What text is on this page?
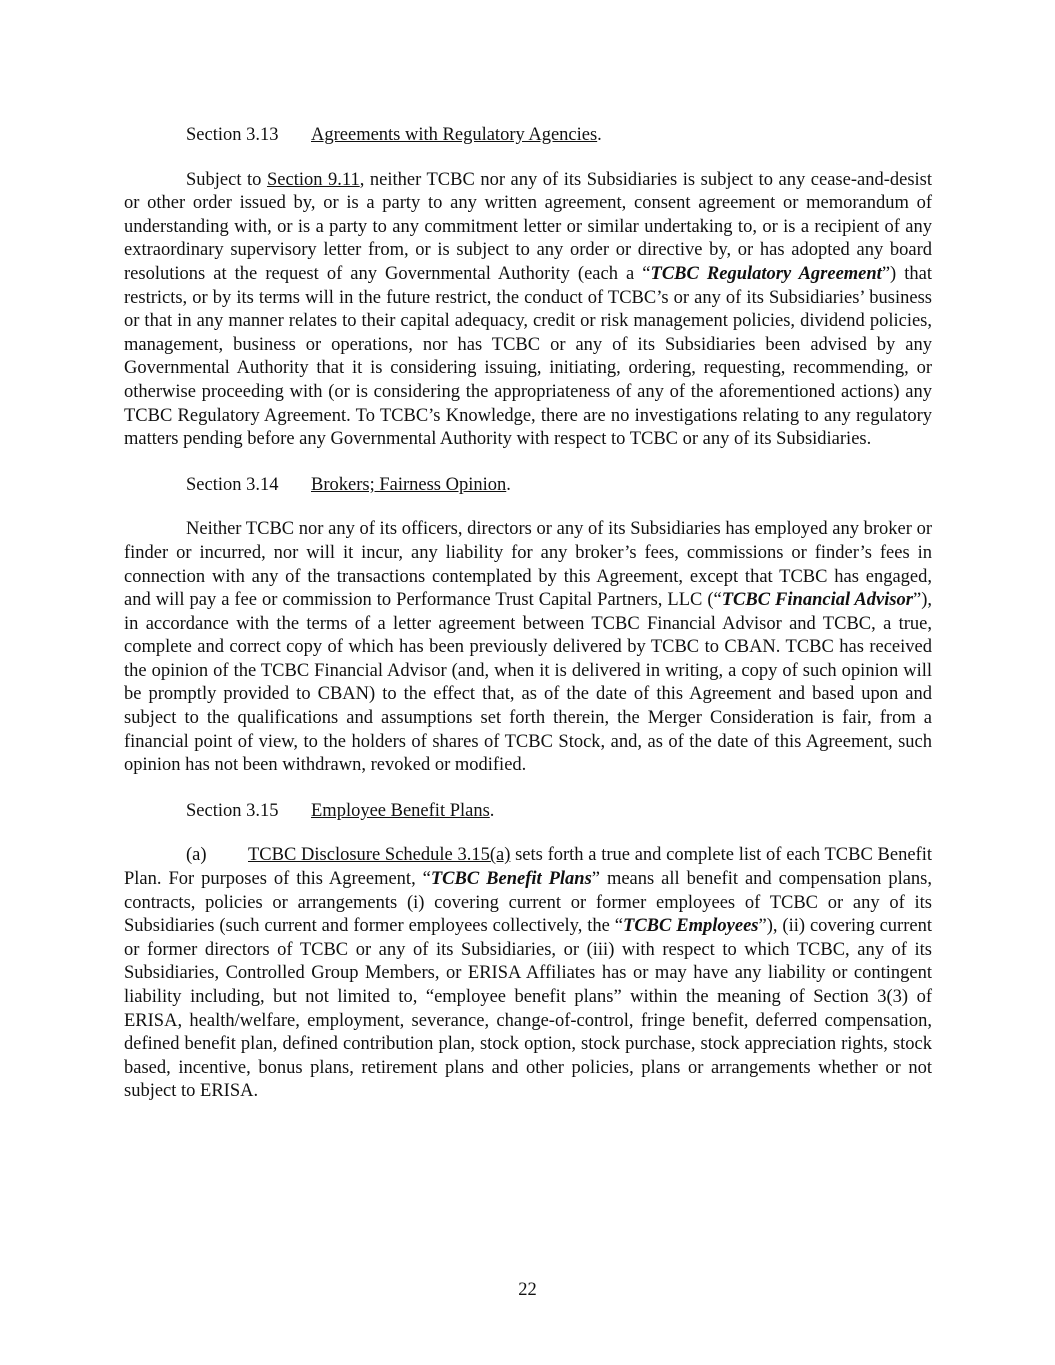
Section 3.13 Agreements with Regulatory Agencies.

Subject to Section 9.11, neither TCBC nor any of its Subsidiaries is subject to any cease-and-desist or other order issued by, or is a party to any written agreement, consent agreement or memorandum of understanding with, or is a party to any commitment letter or similar undertaking to, or is a recipient of any extraordinary supervisory letter from, or is subject to any order or directive by, or has adopted any board resolutions at the request of any Governmental Authority (each a “TCBC Regulatory Agreement”) that restricts, or by its terms will in the future restrict, the conduct of TCBC’s or any of its Subsidiaries’ business or that in any manner relates to their capital adequacy, credit or risk management policies, dividend policies, management, business or operations, nor has TCBC or any of its Subsidiaries been advised by any Governmental Authority that it is considering issuing, initiating, ordering, requesting, recommending, or otherwise proceeding with (or is considering the appropriateness of any of the aforementioned actions) any TCBC Regulatory Agreement. To TCBC’s Knowledge, there are no investigations relating to any regulatory matters pending before any Governmental Authority with respect to TCBC or any of its Subsidiaries.

Section 3.14 Brokers; Fairness Opinion.

Neither TCBC nor any of its officers, directors or any of its Subsidiaries has employed any broker or finder or incurred, nor will it incur, any liability for any broker’s fees, commissions or finder’s fees in connection with any of the transactions contemplated by this Agreement, except that TCBC has engaged, and will pay a fee or commission to Performance Trust Capital Partners, LLC (“TCBC Financial Advisor”), in accordance with the terms of a letter agreement between TCBC Financial Advisor and TCBC, a true, complete and correct copy of which has been previously delivered by TCBC to CBAN. TCBC has received the opinion of the TCBC Financial Advisor (and, when it is delivered in writing, a copy of such opinion will be promptly provided to CBAN) to the effect that, as of the date of this Agreement and based upon and subject to the qualifications and assumptions set forth therein, the Merger Consideration is fair, from a financial point of view, to the holders of shares of TCBC Stock, and, as of the date of this Agreement, such opinion has not been withdrawn, revoked or modified.

Section 3.15 Employee Benefit Plans.

(a) TCBC Disclosure Schedule 3.15(a) sets forth a true and complete list of each TCBC Benefit Plan. For purposes of this Agreement, “TCBC Benefit Plans” means all benefit and compensation plans, contracts, policies or arrangements (i) covering current or former employees of TCBC or any of its Subsidiaries (such current and former employees collectively, the “TCBC Employees”), (ii) covering current or former directors of TCBC or any of its Subsidiaries, or (iii) with respect to which TCBC, any of its Subsidiaries, Controlled Group Members, or ERISA Affiliates has or may have any liability or contingent liability including, but not limited to, “employee benefit plans” within the meaning of Section 3(3) of ERISA, health/welfare, employment, severance, change-of-control, fringe benefit, deferred compensation, defined benefit plan, defined contribution plan, stock option, stock purchase, stock appreciation rights, stock based, incentive, bonus plans, retirement plans and other policies, plans or arrangements whether or not subject to ERISA.

22
